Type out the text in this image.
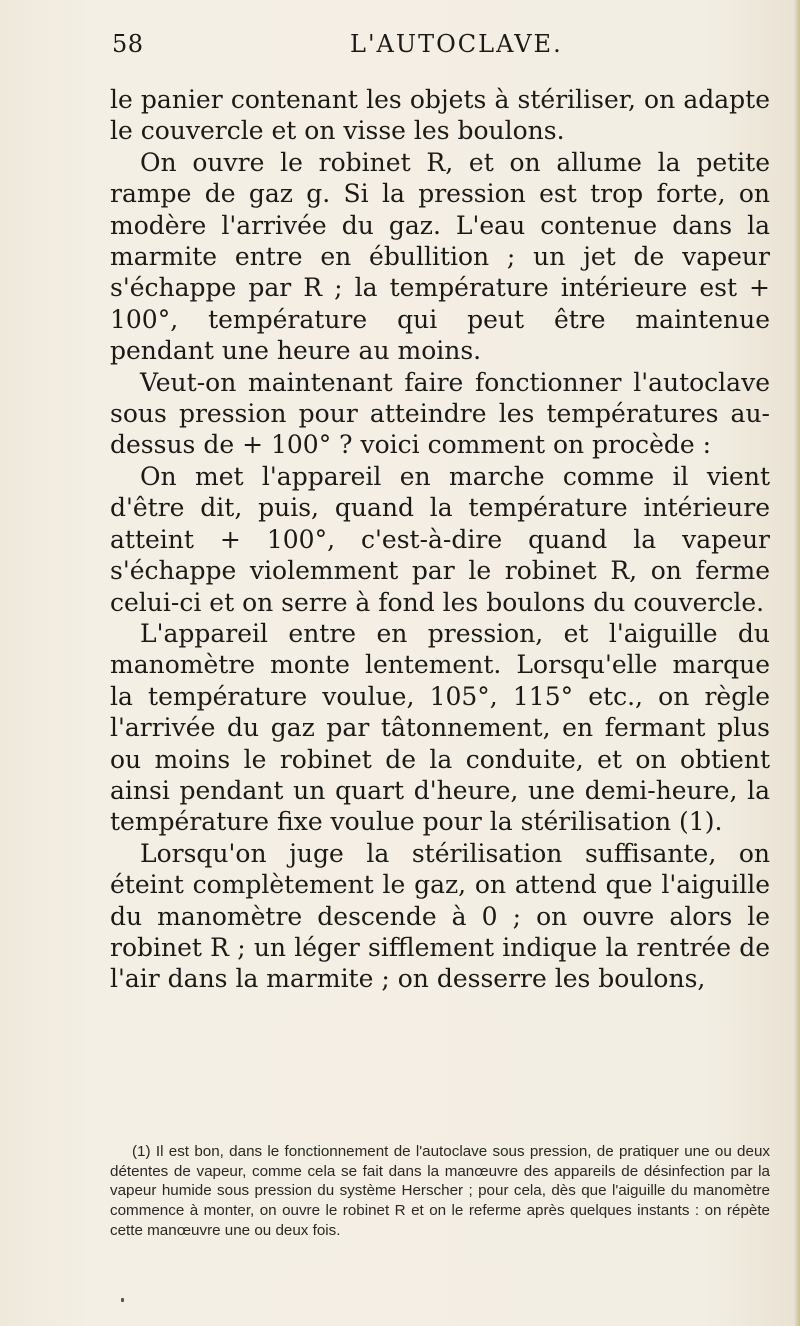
58	L'AUTOCLAVE.

le panier contenant les objets à stériliser, on adapte le couvercle et on visse les boulons.

On ouvre le robinet R, et on allume la petite rampe de gaz g. Si la pression est trop forte, on modère l'arrivée du gaz. L'eau contenue dans la marmite entre en ébullition ; un jet de vapeur s'échappe par R ; la température intérieure est + 100°, température qui peut être maintenue pendant une heure au moins.

Veut-on maintenant faire fonctionner l'autoclave sous pression pour atteindre les températures au-dessus de + 100° ? voici comment on procède :

On met l'appareil en marche comme il vient d'être dit, puis, quand la température intérieure atteint + 100°, c'est-à-dire quand la vapeur s'échappe violemment par le robinet R, on ferme celui-ci et on serre à fond les boulons du couvercle.

L'appareil entre en pression, et l'aiguille du manomètre monte lentement. Lorsqu'elle marque la température voulue, 105°, 115° etc., on règle l'arrivée du gaz par tâtonnement, en fermant plus ou moins le robinet de la conduite, et on obtient ainsi pendant un quart d'heure, une demi-heure, la température fixe voulue pour la stérilisation (1).

Lorsqu'on juge la stérilisation suffisante, on éteint complètement le gaz, on attend que l'aiguille du manomètre descende à 0 ; on ouvre alors le robinet R ; un léger sifflement indique la rentrée de l'air dans la marmite ; on desserre les boulons,

(1) Il est bon, dans le fonctionnement de l'autoclave sous pression, de pratiquer une ou deux détentes de vapeur, comme cela se fait dans la manœuvre des appareils de désinfection par la vapeur humide sous pression du système Herscher ; pour cela, dès que l'aiguille du manomètre commence à monter, on ouvre le robinet R et on le referme après quelques instants : on répète cette manœuvre une ou deux fois.
